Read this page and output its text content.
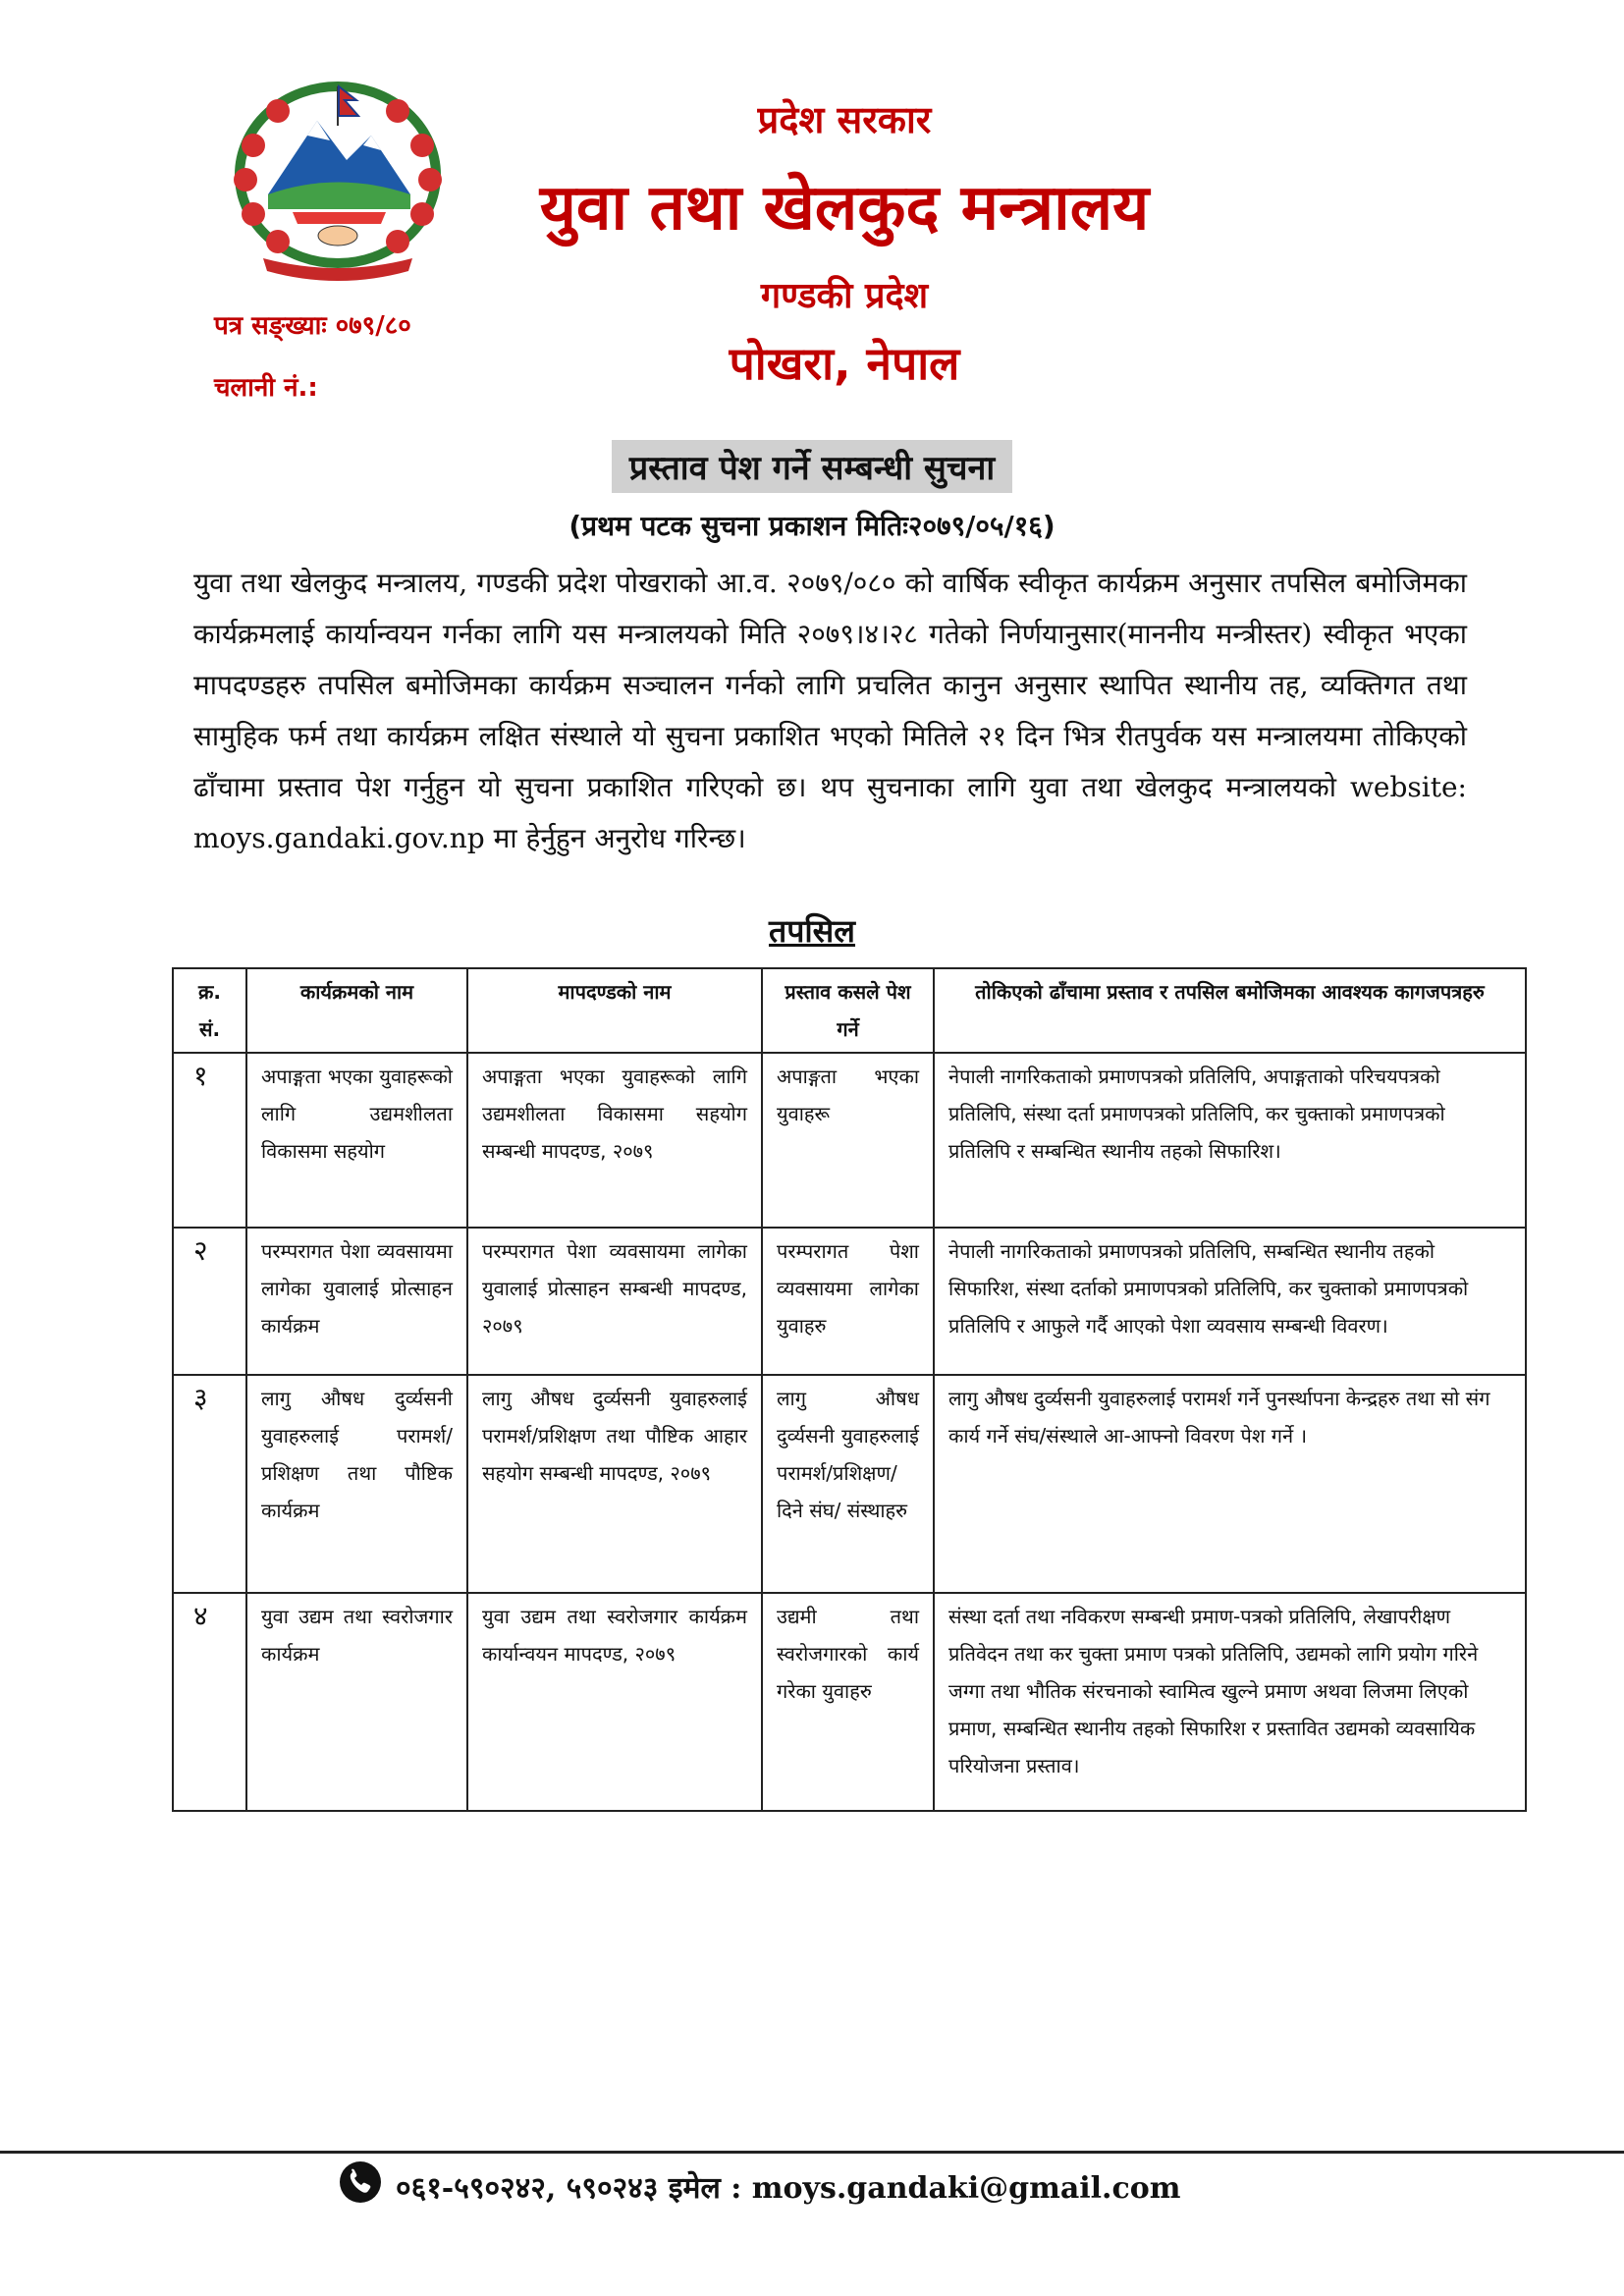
प्रदेश सरकार
युवा तथा खेलकुद मन्त्रालय
गण्डकी प्रदेश
पोखरा, नेपाल
पत्र सङ्ख्याः ०७९/८०
चलानी नं.:
प्रस्ताव पेश गर्ने सम्बन्धी सुचना
(प्रथम पटक सुचना प्रकाशन मितिः२०७९/०५/१६)
युवा तथा खेलकुद मन्त्रालय, गण्डकी प्रदेश पोखराको आ.व. २०७९/०८० को वार्षिक स्वीकृत कार्यक्रम अनुसार तपसिल बमोजिमका कार्यक्रमलाई कार्यान्वयन गर्नका लागि यस मन्त्रालयको मिति २०७९।४।२८ गतेको निर्णयानुसार(माननीय मन्त्रीस्तर) स्वीकृत भएका मापदण्डहरु तपसिल बमोजिमका कार्यक्रम सञ्चालन गर्नको लागि प्रचलित कानुन अनुसार स्थापित स्थानीय तह, व्यक्तिगत तथा सामुहिक फर्म तथा कार्यक्रम लक्षित संस्थाले यो सुचना प्रकाशित भएको मितिले २१ दिन भित्र रीतपुर्वक यस मन्त्रालयमा तोकिएको ढाँचामा प्रस्ताव पेश गर्नुहुन यो सुचना प्रकाशित गरिएको छ। थप सुचनाका लागि युवा तथा खेलकुद मन्त्रालयको website: moys.gandaki.gov.np मा हेर्नुहुन अनुरोध गरिन्छ।
तपसिल
क्र. सं.	कार्यक्रमको नाम	मापदण्डको नाम	प्रस्ताव कसले पेश गर्ने	तोकिएको ढाँचामा प्रस्ताव र तपसिल बमोजिमका आवश्यक कागजपत्रहरु
१	अपाङ्गता भएका युवाहरूको लागि उद्यमशीलता विकासमा सहयोग	अपाङ्गता भएका युवाहरूको लागि उद्यमशीलता विकासमा सहयोग सम्बन्धी मापदण्ड, २०७९	अपाङ्गता भएका युवाहरू	नेपाली नागरिकताको प्रमाणपत्रको प्रतिलिपि, अपाङ्गताको परिचयपत्रको प्रतिलिपि, संस्था दर्ता प्रमाणपत्रको प्रतिलिपि, कर चुक्ताको प्रमाणपत्रको प्रतिलिपि र सम्बन्धित स्थानीय तहको सिफारिश।
२	परम्परागत पेशा व्यवसायमा लागेका युवालाई प्रोत्साहन कार्यक्रम	परम्परागत पेशा व्यवसायमा लागेका युवालाई प्रोत्साहन सम्बन्धी मापदण्ड, २०७९	परम्परागत पेशा व्यवसायमा लागेका युवाहरु	नेपाली नागरिकताको प्रमाणपत्रको प्रतिलिपि, सम्बन्धित स्थानीय तहको सिफारिश, संस्था दर्ताको प्रमाणपत्रको प्रतिलिपि, कर चुक्ताको प्रमाणपत्रको प्रतिलिपि र आफुले गर्दै आएको पेशा व्यवसाय सम्बन्धी विवरण।
३	लागु औषध दुर्व्यसनी युवाहरुलाई परामर्श/प्रशिक्षण तथा पौष्टिक कार्यक्रम	लागु औषध दुर्व्यसनी युवाहरुलाई परामर्श/प्रशिक्षण तथा पौष्टिक आहार सहयोग सम्बन्धी मापदण्ड, २०७९	लागु औषध दुर्व्यसनी युवाहरुलाई परामर्श/प्रशिक्षण/ दिने संघ/ संस्थाहरु	लागु औषध दुर्व्यसनी युवाहरुलाई परामर्श गर्ने पुनर्स्थापना केन्द्रहरु तथा सो संग कार्य गर्ने संघ/संस्थाले आ-आफ्नो विवरण पेश गर्ने ।
४	युवा उद्यम तथा स्वरोजगार कार्यक्रम	युवा उद्यम तथा स्वरोजगार कार्यक्रम कार्यान्वयन मापदण्ड, २०७९	उद्यमी तथा स्वरोजगारको कार्य गरेका युवाहरु	संस्था दर्ता तथा नविकरण सम्बन्धी प्रमाण-पत्रको प्रतिलिपि, लेखापरीक्षण प्रतिवेदन तथा कर चुक्ता प्रमाण पत्रको प्रतिलिपि, उद्यमको लागि प्रयोग गरिने जग्गा तथा भौतिक संरचनाको स्वामित्व खुल्ने प्रमाण अथवा लिजमा लिएको प्रमाण, सम्बन्धित स्थानीय तहको सिफारिश र प्रस्तावित उद्यमको व्यवसायिक परियोजना प्रस्ताव।
०६१-५९०२४२, ५९०२४३ इमेल : moys.gandaki@gmail.com
